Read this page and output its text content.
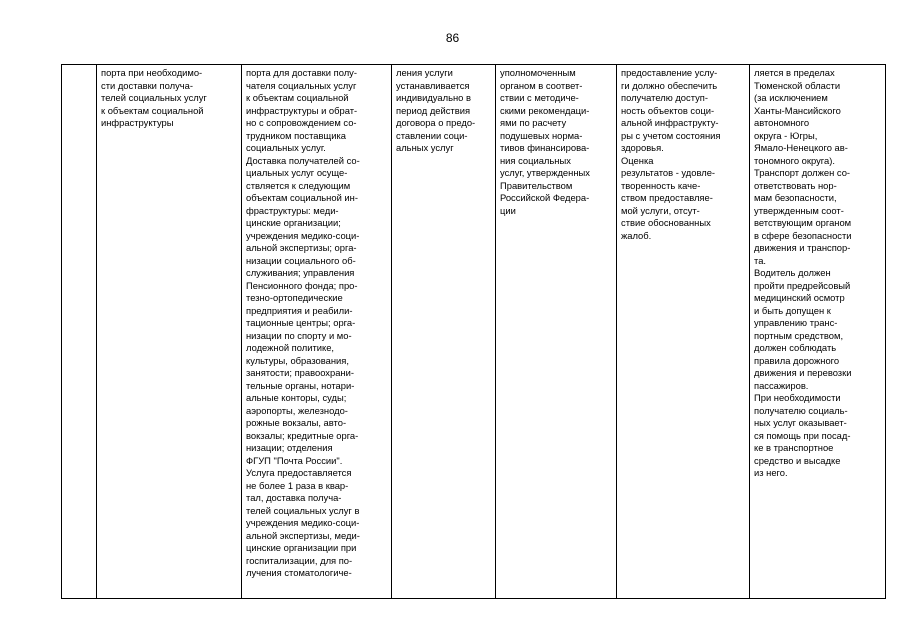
86

порта при необходимо-
сти доставки получа-
телей социальных услуг
к объектам социальной
инфраструктуры

порта для доставки полу-
чателя социальных услуг
к объектам социальной
инфраструктуры и обрат-
но с сопровождением со-
трудником поставщика
социальных услуг.
Доставка получателей со-
циальных услуг осуще-
ствляется к следующим
объектам социальной ин-
фраструктуры: меди-
цинские организации;
учреждения медико-соци-
альной экспертизы; орга-
низации социального об-
служивания; управления
Пенсионного фонда; про-
тезно-ортопедические
предприятия и реабили-
тационные центры; орга-
низации по спорту и мо-
лодежной политике,
культуры, образования,
занятости; правоохрани-
тельные органы, нотари-
альные конторы, суды;
аэропорты, железнодо-
рожные вокзалы, авто-
вокзалы; кредитные орга-
низации; отделения
ФГУП "Почта России".
Услуга предоставляется
не более 1 раза в квар-
тал, доставка получа-
телей социальных услуг в
учреждения медико-соци-
альной экспертизы, меди-
цинские организации при
госпитализации, для по-
лучения стоматологиче-

ления услуги
устанавливается
индивидуально в
период действия
договора о предо-
ставлении соци-
альных услуг

уполномоченным
органом в соответ-
ствии с методиче-
скими рекомендаци-
ями по расчету
подушевых норма-
тивов финансирова-
ния социальных
услуг, утвержденных
Правительством
Российской Федера-
ции

предоставление услу-
ги должно обеспечить
получателю доступ-
ность объектов соци-
альной инфраструкту-
ры с учетом состояния
здоровья.
Оценка
результатов - удовле-
творенность каче-
ством предоставляе-
мой услуги, отсут-
ствие обоснованных
жалоб.

ляется в пределах
Тюменской области
(за исключением
Ханты-Мансийского
автономного
округа - Югры,
Ямало-Ненецкого ав-
тономного округа).
Транспорт должен со-
ответствовать нор-
мам безопасности,
утвержденным соот-
ветствующим органом
в сфере безопасности
движения и транспор-
та.
Водитель должен
пройти предрейсовый
медицинский осмотр
и быть допущен к
управлению транс-
портным средством,
должен соблюдать
правила дорожного
движения и перевозки
пассажиров.
При необходимости
получателю социаль-
ных услуг оказывает-
ся помощь при посад-
ке в транспортное
средство и высадке
из него.
